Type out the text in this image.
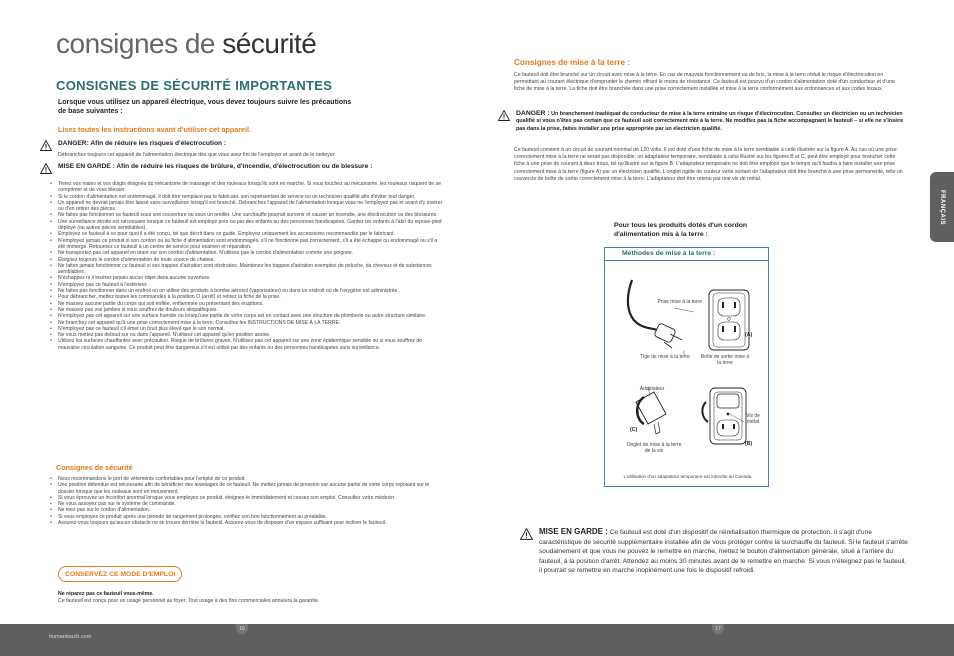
consignes de sécurité
CONSIGNES DE SÉCURITÉ IMPORTANTES
Lorsque vous utilisez un appareil électrique, vous devez toujours suivre les précautions de base suivantes :
Lisez toutes les instructions avant d'utiliser cet appareil.
DANGER: Afin de réduire les risques d'électrocution :
Débranchez toujours cet appareil de l'alimentation électrique dès que vous avez fini de l'employer et avant de le nettoyer.
MISE EN GARDE : Afin de réduire les risques de brûlure, d'incendie, d'électrocution ou de blessure :
• Tenez vos mains et vos doigts éloignés du mécanisme de massage et des rouleaux lorsqu'ils sont en marche. Si vous touchez au mécanisme, les rouleaux risquent de se comprimer et de vous blesser.
• Si le cordon d'alimentation est endommagé, il doit être remplacé par le fabricant, son représentant de service ou un technicien qualifié afin d'éviter tout danger.
• Un appareil ne devrait jamais être laissé sans surveillance lorsqu'il est branché. Débranchez l'appareil de l'alimentation lorsque vous ne l'employez pas et avant d'y insérer ou d'en retirer des pièces.
• Ne faites pas fonctionner ce fauteuil sous une couverture ou sous un oreiller. Une surchauffe pourrait survenir et causer un incendie, une électrocution ou des blessures.
• Une surveillance étroite est nécessaire lorsque ce fauteuil est employé près ou par des enfants ou des personnes handicapées. Gardez les enfants à l'abri du repose-pied déployé (ou autres pièces semblables).
• Employez ce fauteuil à ce pour quoi il a été conçu, tel que décrit dans ce guide. Employez uniquement les accessoires recommandés par le fabricant.
• N'employez jamais ce produit si son cordon ou sa fiche d'alimentation sont endommagés, s'il ne fonctionne pas correctement, s'il a été échappé ou endommagé ou s'il a été immergé. Retournez ce fauteuil à un centre de service pour examen et réparation.
• Ne transportez pas cet appareil en tirant sur son cordon d'alimentation. N'utilisez pas le cordon d'alimentation comme une poignée.
• Éloignez toujours le cordon d'alimentation de toute source de chaleur.
• Ne faites jamais fonctionner ce fauteuil si ses trappes d'aération sont obstruées. Maintenez les trappes d'aération exemptes de peluche, de cheveux et de substances semblables.
• N'échappez ni n'insérez jamais aucun objet dans aucune ouverture.
• N'employez pas ce fauteuil à l'extérieur.
• Ne faites pas fonctionner dans un endroit où on utilise des produits à bombe aérosol (vaporisateur) ou dans un endroit où de l'oxygène est administrée.
• Pour débrancher, mettez toutes les commandes à la position O (arrêt) et retirez la fiche de la prise.
• Ne massez aucune partie du corps qui soit enflée, enflammée ou présentant des éruptions.
• Ne massez pas vos jambes si vous souffrez de douleurs idiopathiques.
• N'employez pas cet appareil sur une surface humide ou lorsqu'une partie de votre corps est en contact avec une structure de plomberie ou autre structure similaire.
• Ne branchez cet appareil qu'à une prise correctement mise à la terre. Consultez les INSTRUCTIONS DE MISE À LA TERRE.
• N'employez pas ce fauteuil s'il émet un bruit plus élevé que le son normal.
• Ne vous mettez pas debout sur ou dans l'appareil. N'utilisez cet appareil qu'en position assise.
• Utilisez les surfaces chauffantes avec précaution. Risque de brûlures graves. N'utilisez pas cet appareil sur une zone épidermique sensible ou si vous souffrez de mauvaise circulation sanguine. Ce produit peut être dangereux s'il est utilisé par des enfants ou des personnes handicapées sans surveillance.
Consignes de sécurité
• Nous recommandons le port de vêtements confortables pour l'emploi de ce produit.
• Une position détendue est nécessaire afin de bénéficier des avantages de ce fauteuil. Ne mettez jamais de pression sur aucune partie de votre corps reposant sur le dossier lorsque que les rouleaux sont en mouvement.
• Si vous éprouvez un inconfort anormal lorsque vous employez ce produit, éteignez-le immédiatement et cessez son emploi. Consultez votre médecin.
• Ne vous assoyez pas sur le système de commande.
• Ne tirez pas sur le cordon d'alimentation.
• Si vous employez ce produit après une période de rangement prolongée, vérifiez son bon fonctionnement au préalable.
• Assurez-vous toujours qu'aucun obstacle ne se trouve derrière le fauteuil. Assurez-vous de disposer d'un espace suffisant pour incliner le fauteuil.
CONSERVEZ CE MODE D'EMPLOI
Ne réparez pas ce fauteuil vous-même.
Ce fauteuil est conçu pour un usage personnel au foyer. Tout usage à des fins commerciales annulera la garantie.
Consignes de mise à la terre :
Ce fauteuil doit être branché sur un circuit avec mise à la terre. En cas de mauvais fonctionnement ou de bris, la mise à la terre réduit le risque d'électrocution en permettant au courant électrique d'emprunter le chemin offrant le moins de résistance. Ce fauteuil est pourvu d'un cordon d'alimentation doté d'un conducteur et d'une fiche de mise à la terre. La fiche doit être branchée dans une prise correctement installée et mise à la terre conformément aux ordonnances et aux codes locaux.
DANGER : Un branchement inadéquat du conducteur de mise à la terre entraîne un risque d'électrocution. Consultez un électricien ou un technicien qualifié si vous n'êtes pas certain que ce fauteuil soit correctement mis à la terre. Ne modifiez pas la fiche accompagnant le fauteuil – si elle ne s'insère pas dans la prise, faites installer une prise appropriée par un électricien qualifié.
Ce fauteuil convient à un circuit de courant nominal de 120 volts. Il est doté d'une fiche de mise à la terre semblable à celle illustrée sur la figure A. Au cas où une prise correctement mise à la terre ne serait pas disponible, un adaptateur temporaire, semblable à celui illustré sur les figures B et C, peut être employé pour brancher cette fiche à une prise de courant à deux trous, tel qu'illustré sur la figure B. L'adaptateur temporaire ne doit être employé que le temps qu'il faudra à faire installer une prise correctement mise à la terre (figure A) par un électricien qualifié. L'onglet rigide de couleur verte sortant de l'adaptateur doit être branché à une prise permanente, telle un couvercle de boîte de sortie correctement mise à la terre. L'adaptateur doit être retenu par une vis de métal.
Pour tous les produits dotés d'un cordon d'alimentation mis à la terre :
Méthodes de mise à la terre :
Prise mise à la terre
(A)
Tige de mise à la terre Boîte de sortie mise à la terre
Adaptateur
Vis de métal
(C)
(B)
Onglet de mise à la terre de la vis
L'utilisation d'un adaptateur temporaire est interdite au Canada.
MISE EN GARDE : Ce fauteuil est doté d'un dispositif de réinitialisation thermique de protection. Il s'agit d'une caractéristique de sécurité supplémentaire installée afin de vous protéger contre la surchauffe du fauteuil. Si le fauteuil s'arrête soudainement et que vous ne pouvez le remettre en marche, mettez le bouton d'alimentation générale, situé à l'arrière du fauteuil, à la position d'arrêt. Attendez au moins 30 minutes avant de le remettre en marche. Si vous n'éteignez pas le fauteuil, il pourrait se remettre en marche inopinément une fois le dispositif refroidi.
FRANÇAIS
humantouch.com
16	17
